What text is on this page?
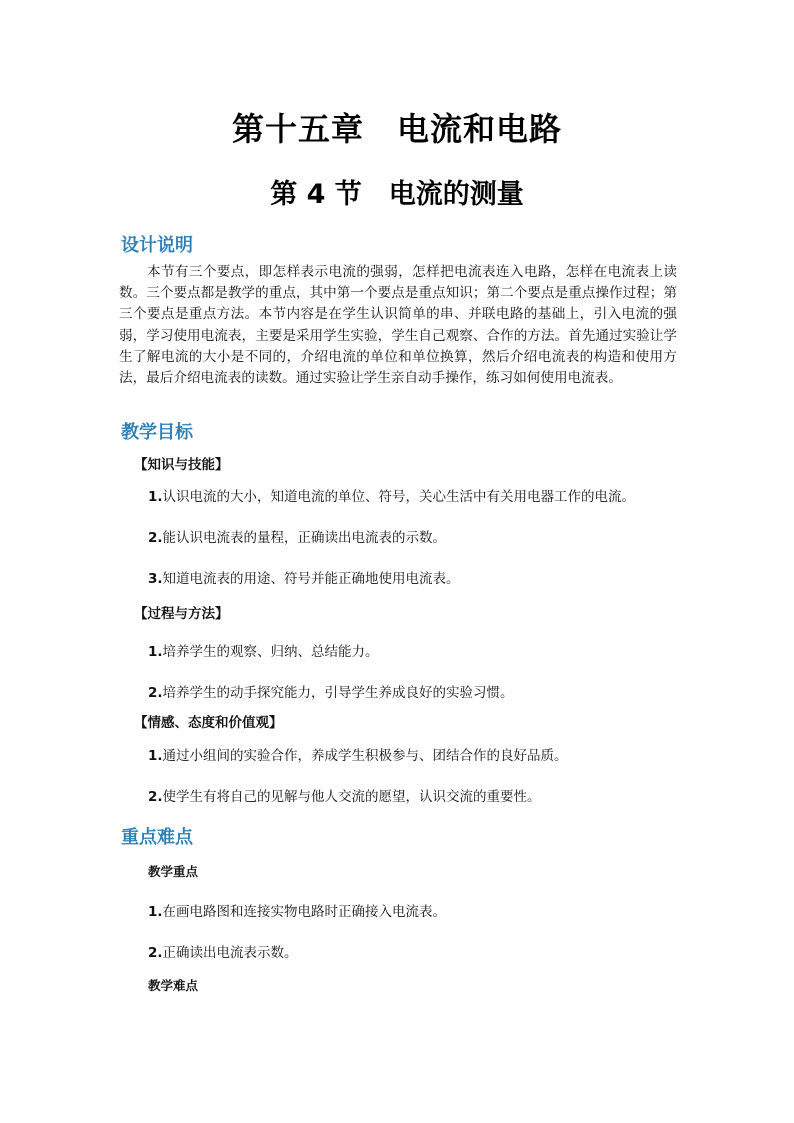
第十五章　电流和电路
第 4 节　电流的测量
设计说明
本节有三个要点，即怎样表示电流的强弱，怎样把电流表连入电路，怎样在电流表上读数。三个要点都是教学的重点，其中第一个要点是重点知识；第二个要点是重点操作过程；第三个要点是重点方法。本节内容是在学生认识简单的串、并联电路的基础上，引入电流的强弱，学习使用电流表，主要是采用学生实验，学生自己观察、合作的方法。首先通过实验让学生了解电流的大小是不同的，介绍电流的单位和单位换算，然后介绍电流表的构造和使用方法，最后介绍电流表的读数。通过实验让学生亲自动手操作，练习如何使用电流表。
教学目标
【知识与技能】
1.认识电流的大小，知道电流的单位、符号，关心生活中有关用电器工作的电流。
2.能认识电流表的量程，正确读出电流表的示数。
3.知道电流表的用途、符号并能正确地使用电流表。
【过程与方法】
1.培养学生的观察、归纳、总结能力。
2.培养学生的动手探究能力，引导学生养成良好的实验习惯。
【情感、态度和价值观】
1.通过小组间的实验合作，养成学生积极参与、团结合作的良好品质。
2.使学生有将自己的见解与他人交流的愿望，认识交流的重要性。
重点难点
教学重点
1.在画电路图和连接实物电路时正确接入电流表。
2.正确读出电流表示数。
教学难点
